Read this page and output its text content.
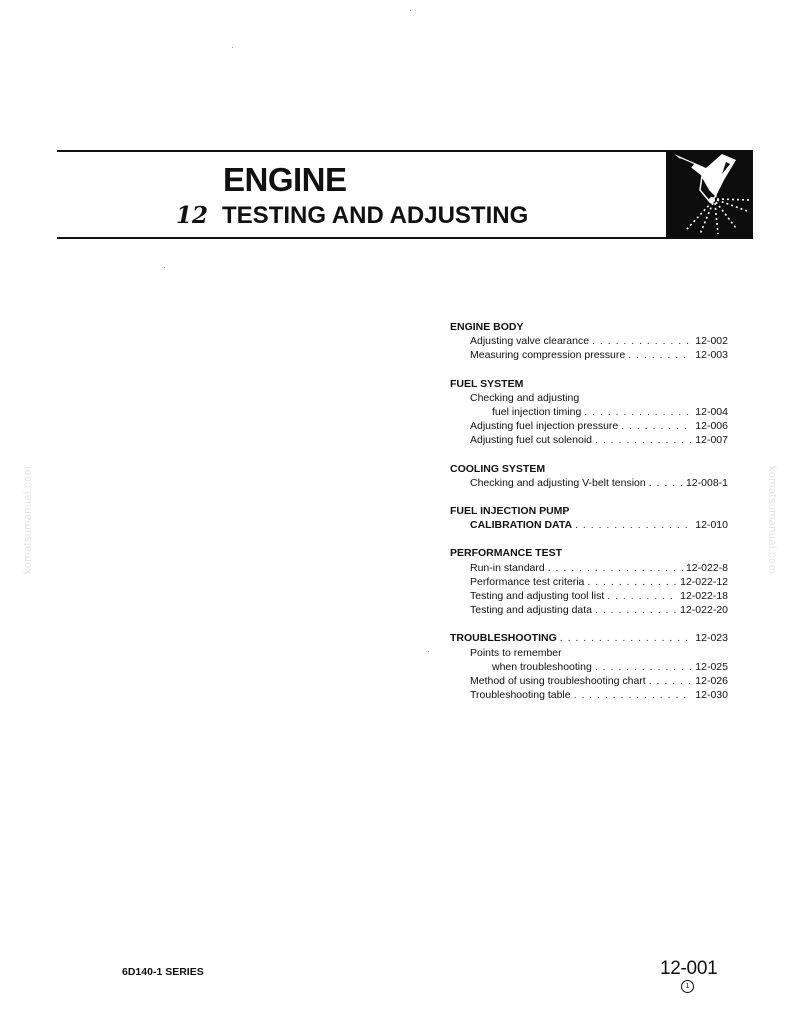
ENGINE
12 TESTING AND ADJUSTING
komatsumanual.com	komatsumanual.com
ENGINE BODY
Adjusting valve clearance . . .	12-002
Measuring compression pressure . . .	12-003
FUEL SYSTEM
Checking and adjusting
fuel injection timing . . .	12-004
Adjusting fuel injection pressure . . .	12-006
Adjusting fuel cut solenoid . . .	12-007
COOLING SYSTEM
Checking and adjusting V-belt tension . . .	12-008-1
FUEL INJECTION PUMP
CALIBRATION DATA . . .	12-010
PERFORMANCE TEST
Run-in standard . . .	12-022-8
Performance test criteria . . .	12-022-12
Testing and adjusting tool list . . .	12-022-18
Testing and adjusting data . . .	12-022-20
TROUBLESHOOTING . . .	12-023
Points to remember
when troubleshooting . . .	12-025
Method of using troubleshooting chart . . .	12-026
Troubleshooting table . . .	12-030
6D140-1 SERIES	12-001
1
